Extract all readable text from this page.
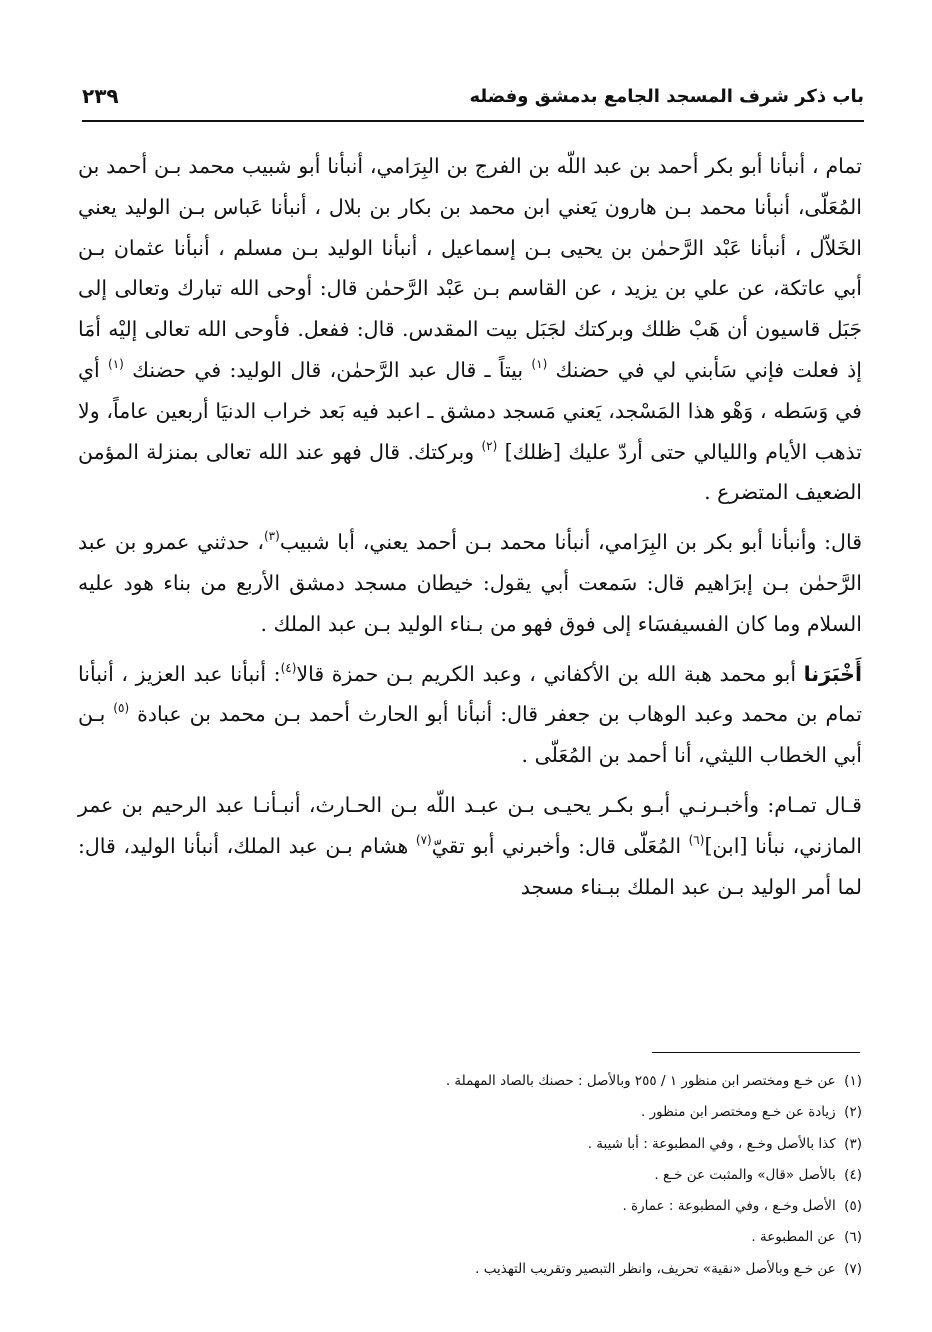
باب ذكر شرف المسجد الجامع بدمشق وفضله
٢٣٩

تمام ، أنبأنا أبو بكر أحمد بن عبد اللّه بن الفرج بن البِرَامي، أنبأنا أبو شبيب محمد بـن أحمد بن المُعَلّى، أنبأنا محمد بـن هارون يَعني ابن محمد بن بكار بن بلال ، أنبأنا عَباس بـن الوليد يعني الخَلاّل ، أنبأنا عَبْد الرَّحمٰن بن يحيى بـن إسماعيل ، أنبأنا الوليد بـن مسلم ، أنبأنا عثمان بـن أبي عاتكة، عن علي بن يزيد ، عن القاسم بـن عَبْد الرَّحمٰن قال: أوحى الله تبارك وتعالى إلى جَبَل قاسيون أن هَبْ ظلك وبركتك لجَبَل بيت المقدس. قال: ففعل. فأوحى الله تعالى إليْه أمَا إذ فعلت فإني سَأبني لي في حضنك $^{(١)}$ بيتاً ـ قال عبد الرَّحمٰن، قال الوليد: في حضنك $^{(١)}$ أي في وَسَطه ، وَهْو هذا المَسْجد، يَعني مَسجد دمشق ـ اعبد فيه بَعد خراب الدنيَا أربعين عاماً، ولا تذهب الأيام والليالي حتى أردّ عليك [ظلك] $^{(٢)}$ وبركتك. قال فهو عند الله تعالى بمنزلة المؤمن الضعيف المتضرع .

قال: وأنبأنا أبو بكر بن البِرَامي، أنبأنا محمد بـن أحمد يعني، أبا شبيب$^{(٣)}$، حدثني عمرو بن عبد الرَّحمٰن بـن إبرَاهيم قال: سَمعت أبي يقول: خيطان مسجد دمشق الأربع من بناء هود عليه السلام وما كان الفسيفسَاء إلى فوق فهو من بـناء الوليد بـن عبد الملك .

أَخْبَرَنا أبو محمد هبة الله بن الأكفاني ، وعبد الكريم بـن حمزة قالا$^{(٤)}$: أنبأنا عبد العزيز ، أنبأنا تمام بن محمد وعبد الوهاب بن جعفر قال: أنبأنا أبو الحارث أحمد بـن محمد بن عبادة $^{(٥)}$ بـن أبي الخطاب الليثي، أنا أحمد بن المُعَلّى .

قـال تمـام: وأخبـرنـي أبـو بكـر يحيـى بـن عبـد اللّه بـن الحـارث، أنبـأنـا عبد الرحيم بن عمر المازني، نبأنا [ابن]$^{(٦)}$ المُعَلّى قال: وأخبرني أبو تقيّ$^{(٧)}$ هشام بـن عبد الملك، أنبأنا الوليد، قال: لما أمر الوليد بـن عبد الملك ببـناء مسجد

(١) عن خـع ومختصر ابن منظور ١ / ٢٥٥ وبالأصل : حصنك بالصاد المهملة .
(٢) زيادة عن خـع ومختصر ابن منظور .
(٣) كذا بالأصل وخـع ، وفي المطبوعة : أبا شيبة .
(٤) بالأصل «قال» والمثبت عن خـع .
(٥) الأصل وخـع ، وفي المطبوعة : عمارة .
(٦) عن المطبوعة .
(٧) عن خـع وبالأصل «نقية» تحريف، وانظر التبصير وتقريب التهذيب .
